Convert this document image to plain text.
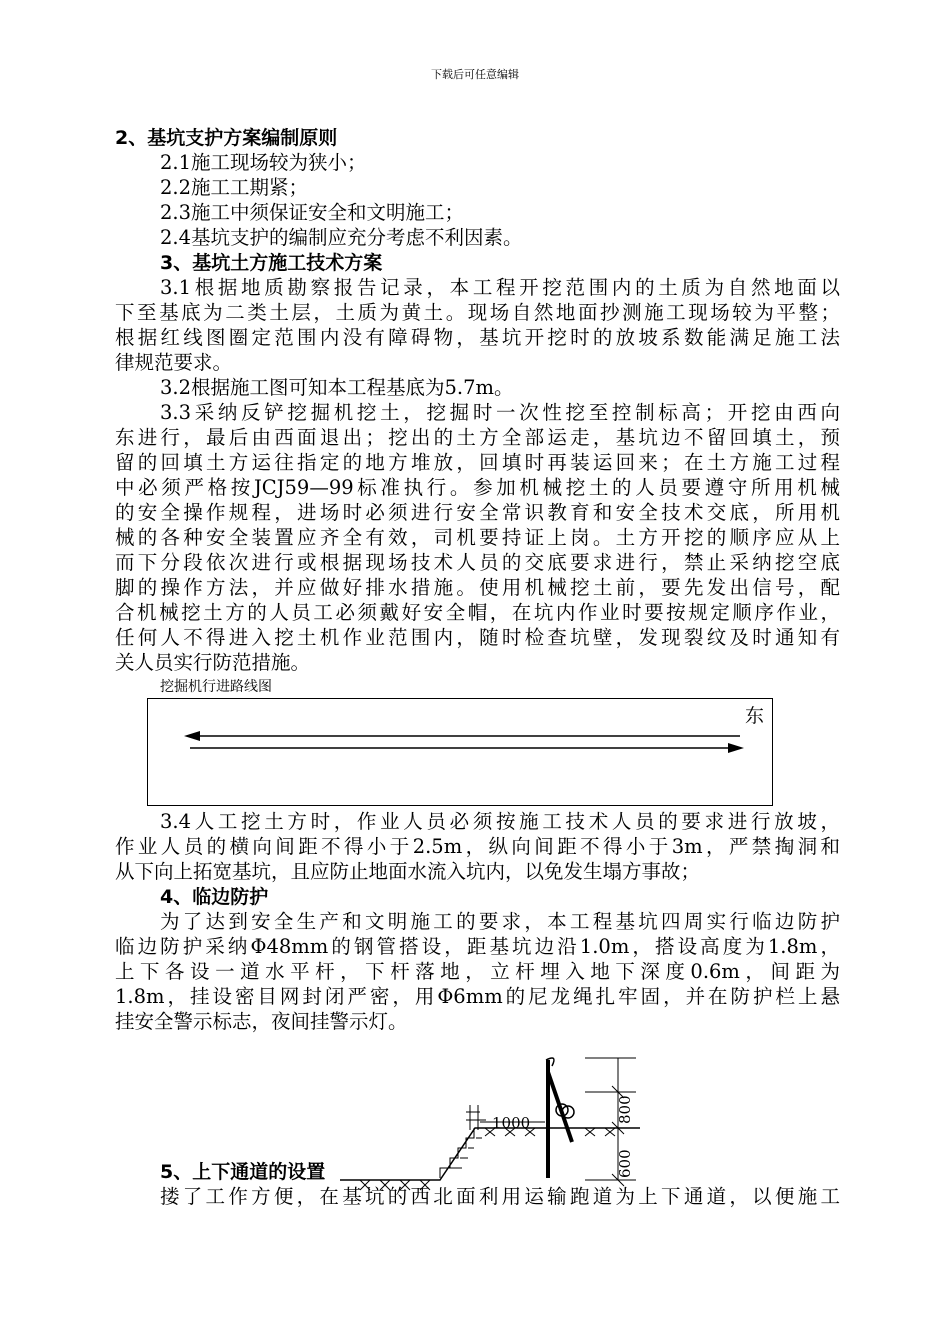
下载后可任意编辑
2、基坑支护方案编制原则
2.1施工现场较为狭小；
2.2施工工期紧；
2.3施工中须保证安全和文明施工；
2.4基坑支护的编制应充分考虑不利因素。
3、基坑土方施工技术方案
3.1根据地质勘察报告记录，本工程开挖范围内的土质为自然地面以
下至基底为二类土层，土质为黄土。现场自然地面抄测施工现场较为平整；
根据红线图圈定范围内没有障碍物，基坑开挖时的放坡系数能满足施工法
律规范要求。
3.2根据施工图可知本工程基底为5.7m。
3.3采纳反铲挖掘机挖土，挖掘时一次性挖至控制标高；开挖由西向
东进行，最后由西面退出；挖出的土方全部运走，基坑边不留回填土，预
留的回填土方运往指定的地方堆放，回填时再装运回来；在土方施工过程
中必须严格按JCJ59—99标准执行。参加机械挖土的人员要遵守所用机械
的安全操作规程，进场时必须进行安全常识教育和安全技术交底，所用机
械的各种安全装置应齐全有效，司机要持证上岗。土方开挖的顺序应从上
而下分段依次进行或根据现场技术人员的交底要求进行，禁止采纳挖空底
脚的操作方法，并应做好排水措施。使用机械挖土前，要先发出信号，配
合机械挖土方的人员工必须戴好安全帽，在坑内作业时要按规定顺序作业，
任何人不得进入挖土机作业范围内，随时检查坑壁，发现裂纹及时通知有
关人员实行防范措施。
挖掘机行进路线图
东
3.4人工挖土方时，作业人员必须按施工技术人员的要求进行放坡，
作业人员的横向间距不得小于2.5m，纵向间距不得小于3m，严禁掏洞和
从下向上拓宽基坑，且应防止地面水流入坑内，以免发生塌方事故；
4、临边防护
为了达到安全生产和文明施工的要求，本工程基坑四周实行临边防护
临边防护采纳Φ48mm的钢管搭设，距基坑边沿1.0m，搭设高度为1.8m，
上下各设一道水平杆，下杆落地，立杆埋入地下深度0.6m，间距为
1.8m，挂设密目网封闭严密，用Φ6mm的尼龙绳扎牢固，并在防护栏上悬
挂安全警示标志，夜间挂警示灯。
1000	800
600
5、上下通道的设置
搂了工作方便，在基坑的西北面利用运输跑道为上下通道，以便施工
